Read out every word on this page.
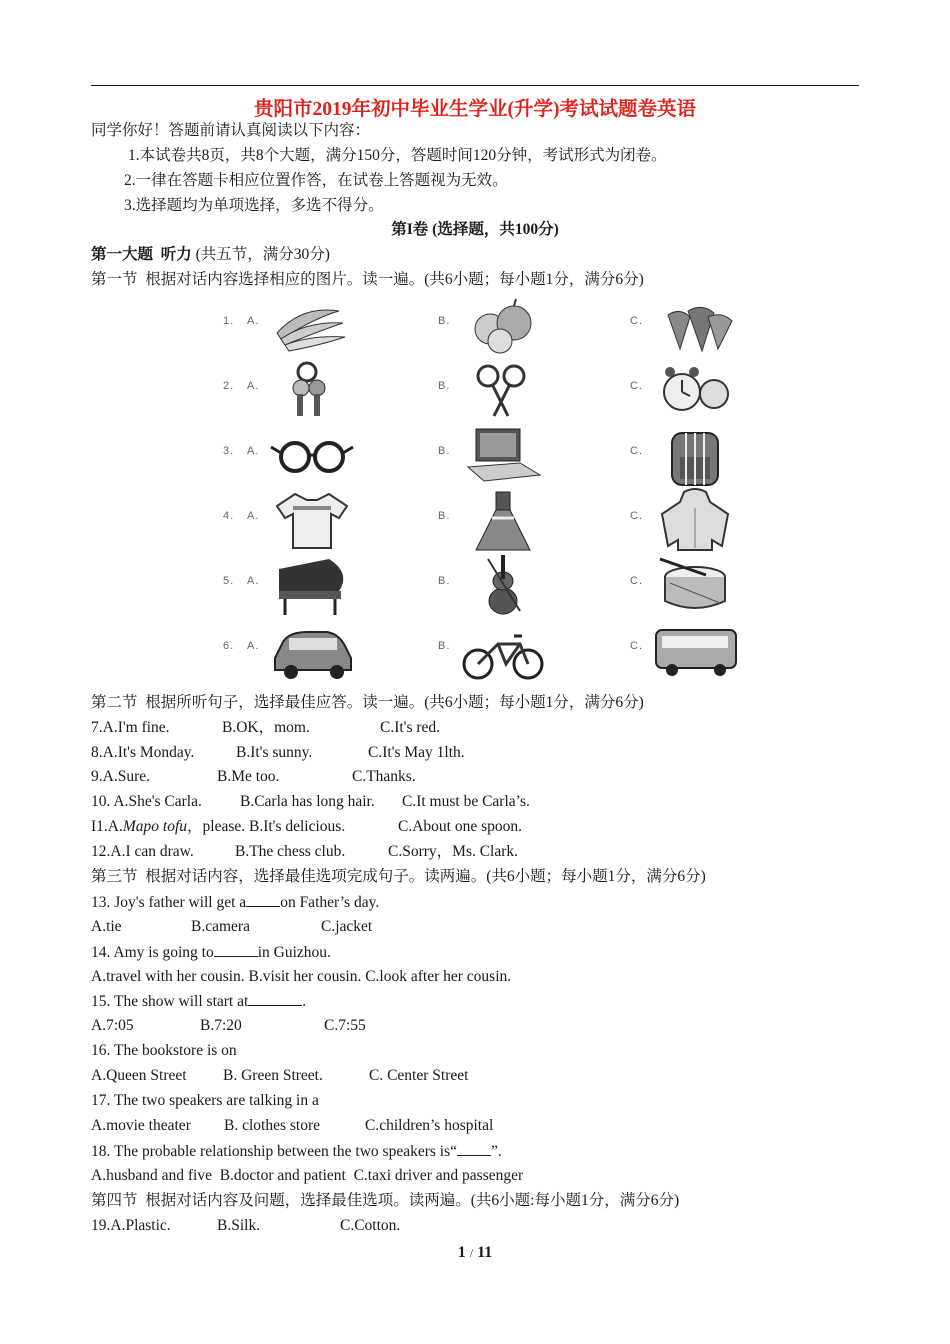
贵阳市2019年初中毕业生学业(升学)考试试题卷英语
同学你好！答题前请认真阅读以下内容：
1.本试卷共8页，共8个大题，满分150分，答题时间120分钟，考试形式为闭卷。
2.一律在答题卡相应位置作答，在试卷上答题视为无效。
3.选择题均为单项选择，多选不得分。
第I卷 (选择题，共100分)
第一大题  听力 (共五节，满分30分)
第一节  根据对话内容选择相应的图片。读一遍。(共6小题；每小题1分，满分6分)
1. A.	B.	C.
2. A.	B.	C.
3. A.	B.	C.
4. A.	B.	C.
5. A.	B.	C.
6. A.	B.	C.
第二节  根据所听句子，选择最佳应答。读一遍。(共6小题；每小题1分，满分6分)
7.A.I'm fine.	B.OK，mom.	C.It's red.
8.A.It's Monday.	B.It's sunny.	C.It's May 1lth.
9.A.Sure.	B.Me too.	C.Thanks.
10. A.She's Carla. B.Carla has long hair. C.It must be Carla’s.
I1.A.Mapo tofu，please. B.It's delicious.	C.About one spoon.
12.A.I can draw.	B.The chess club.	C.Sorry，Ms. Clark.
第三节  根据对话内容，选择最佳选项完成句子。读两遍。(共6小题；每小题1分，满分6分)
13. Joy's father will get a on Father’s day.
A.tie	B.camera	C.jacket
14. Amy is going to	in Guizhou.
A.travel with her cousin. B.visit her cousin. C.look after her cousin.
15. The show will start at	.
A.7:05	B.7:20	C.7:55
16. The bookstore is on
A.Queen Street B. Green Street.	C. Center Street
17. The two speakers are talking in a
A.movie theater B. clothes store	C.children’s hospital
18. The probable relationship between the two speakers is“ ”.
A.husband and five  B.doctor and patient  C.taxi driver and passenger
第四节  根据对话内容及问题，选择最佳选项。读两遍。(共6小题:每小题1分，满分6分)
19.A.Plastic.	B.Silk.	C.Cotton.
1 / 11
